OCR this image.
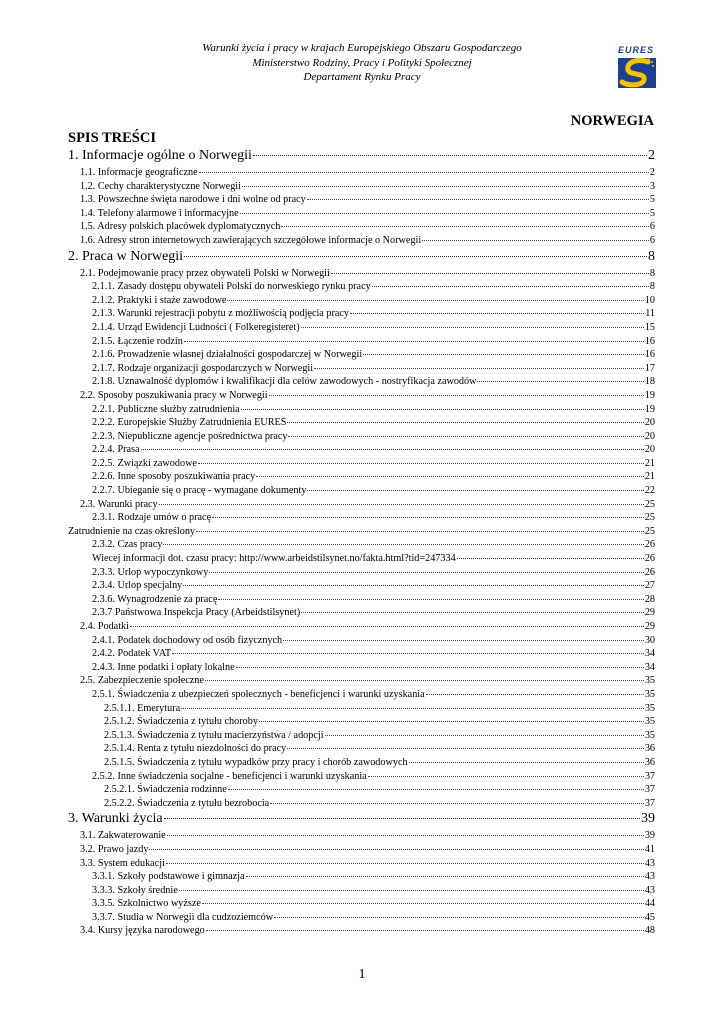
Warunki życia i pracy w krajach Europejskiego Obszaru Gospodarczego
Ministerstwo Rodziny, Pracy i Polityki Społecznej
Departament Rynku Pracy
EURES
NORWEGIA
SPIS TREŚCI
1. Informacje ogólne o Norwegii	2
1.1. Informacje geograficzne	2
1.2. Cechy charakterystyczne Norwegii	3
1.3. Powszechne święta narodowe i dni wolne od pracy	5
1.4. Telefony alarmowe i informacyjne	5
1.5. Adresy polskich placówek dyplomatycznych	6
1.6. Adresy stron internetowych zawierających szczegółowe informacje o Norwegii	6
2. Praca w Norwegii	8
2.1. Podejmowanie pracy przez obywateli Polski w Norwegii	8
2.1.1. Zasady dostępu obywateli Polski do norweskiego rynku pracy	8
2.1.2. Praktyki i staże zawodowe	10
2.1.3. Warunki rejestracji pobytu z możliwością podjęcia pracy	11
2.1.4. Urząd Ewidencji Ludności ( Folkeregisteret)	15
2.1.5. Łączenie rodzin	16
2.1.6. Prowadzenie własnej działalności gospodarczej w Norwegii	16
2.1.7. Rodzaje organizacji gospodarczych w Norwegii	17
2.1.8. Uznawalność dyplomów i kwalifikacji dla celów zawodowych - nostryfikacja zawodów	18
2.2. Sposoby poszukiwania pracy w Norwegii	19
2.2.1. Publiczne służby zatrudnienia	19
2.2.2. Europejskie Służby Zatrudnienia EURES	20
2.2.3. Niepubliczne agencje pośrednictwa pracy	20
2.2.4. Prasa	20
2.2.5. Związki zawodowe	21
2.2.6. Inne sposoby poszukiwania pracy	21
2.2.7. Ubieganie się o pracę - wymagane dokumenty	22
2.3. Warunki pracy	25
2.3.1. Rodzaje umów o pracę	25
Zatrudnienie na czas określony	25
2.3.2. Czas pracy	26
Wiecej informacji dot. czasu pracy: http://www.arbeidstilsynet.no/fakta.html?tid=247334	26
2.3.3. Urlop wypoczynkowy	26
2.3.4. Urlop specjalny	27
2.3.6. Wynagrodzenie za pracę	28
2.3.7 Państwowa Inspekcja Pracy (Arbeidstilsynet)	29
2.4. Podatki	29
2.4.1. Podatek dochodowy od osób fizycznych	30
2.4.2. Podatek VAT	34
2.4.3. Inne podatki i opłaty lokalne	34
2.5. Zabezpieczenie społeczne	35
2.5.1. Świadczenia z ubezpieczeń społecznych - beneficjenci i warunki uzyskania	35
2.5.1.1. Emerytura	35
2.5.1.2. Świadczenia z tytułu choroby	35
2.5.1.3. Świadczenia z tytułu macierzyństwa / adopcji	35
2.5.1.4. Renta z tytułu niezdolności do pracy	36
2.5.1.5. Świadczenia z tytułu wypadków przy pracy i chorób zawodowych	36
2.5.2. Inne świadczenia socjalne - beneficjenci i warunki uzyskania	37
2.5.2.1. Świadczenia rodzinne	37
2.5.2.2. Świadczenia z tytułu bezrobocia	37
3. Warunki życia	39
3.1. Zakwaterowanie	39
3.2. Prawo jazdy	41
3.3. System edukacji	43
3.3.1. Szkoły podstawowe i gimnazja	43
3.3.3. Szkoły średnie	43
3.3.5. Szkolnictwo wyższe	44
3.3.7. Studia w Norwegii dla cudzoziemców	45
3.4. Kursy języka narodowego	48
1
